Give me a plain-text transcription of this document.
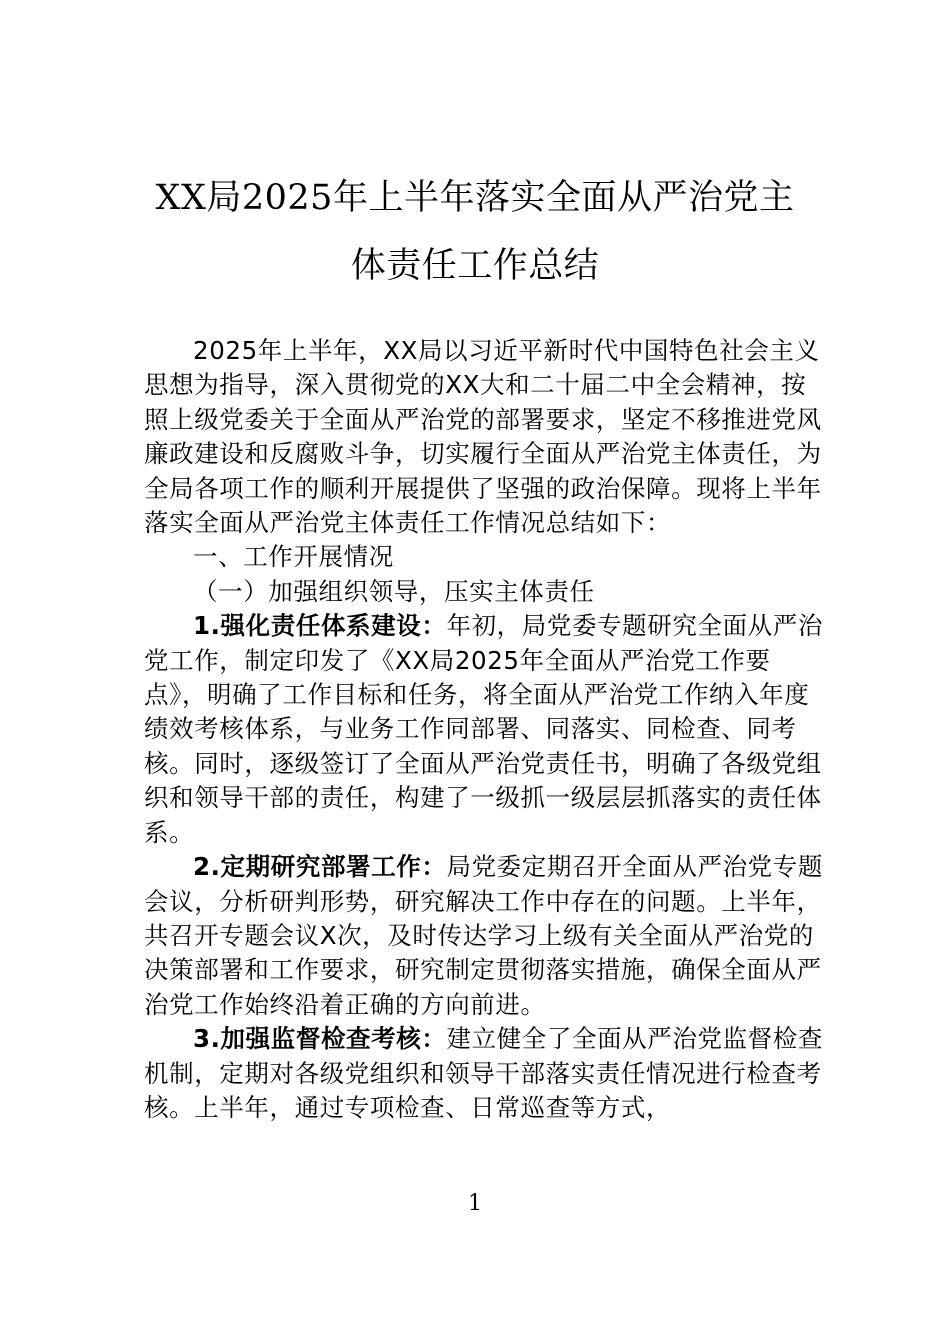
XX局2025年上半年落实全面从严治党主
体责任工作总结

2025年上半年，XX局以习近平新时代中国特色社会主义思想为指导，深入贯彻党的XX大和二十届二中全会精神，按照上级党委关于全面从严治党的部署要求，坚定不移推进党风廉政建设和反腐败斗争，切实履行全面从严治党主体责任，为全局各项工作的顺利开展提供了坚强的政治保障。现将上半年落实全面从严治党主体责任工作情况总结如下：

一、工作开展情况

（一）加强组织领导，压实主体责任

1.强化责任体系建设：年初，局党委专题研究全面从严治党工作，制定印发了《XX局2025年全面从严治党工作要点》，明确了工作目标和任务，将全面从严治党工作纳入年度绩效考核体系，与业务工作同部署、同落实、同检查、同考核。同时，逐级签订了全面从严治党责任书，明确了各级党组织和领导干部的责任，构建了一级抓一级层层抓落实的责任体系。

2.定期研究部署工作：局党委定期召开全面从严治党专题会议，分析研判形势，研究解决工作中存在的问题。上半年，共召开专题会议X次，及时传达学习上级有关全面从严治党的决策部署和工作要求，研究制定贯彻落实措施，确保全面从严治党工作始终沿着正确的方向前进。

3.加强监督检查考核：建立健全了全面从严治党监督检查机制，定期对各级党组织和领导干部落实责任情况进行检查考核。上半年，通过专项检查、日常巡查等方式，

1
